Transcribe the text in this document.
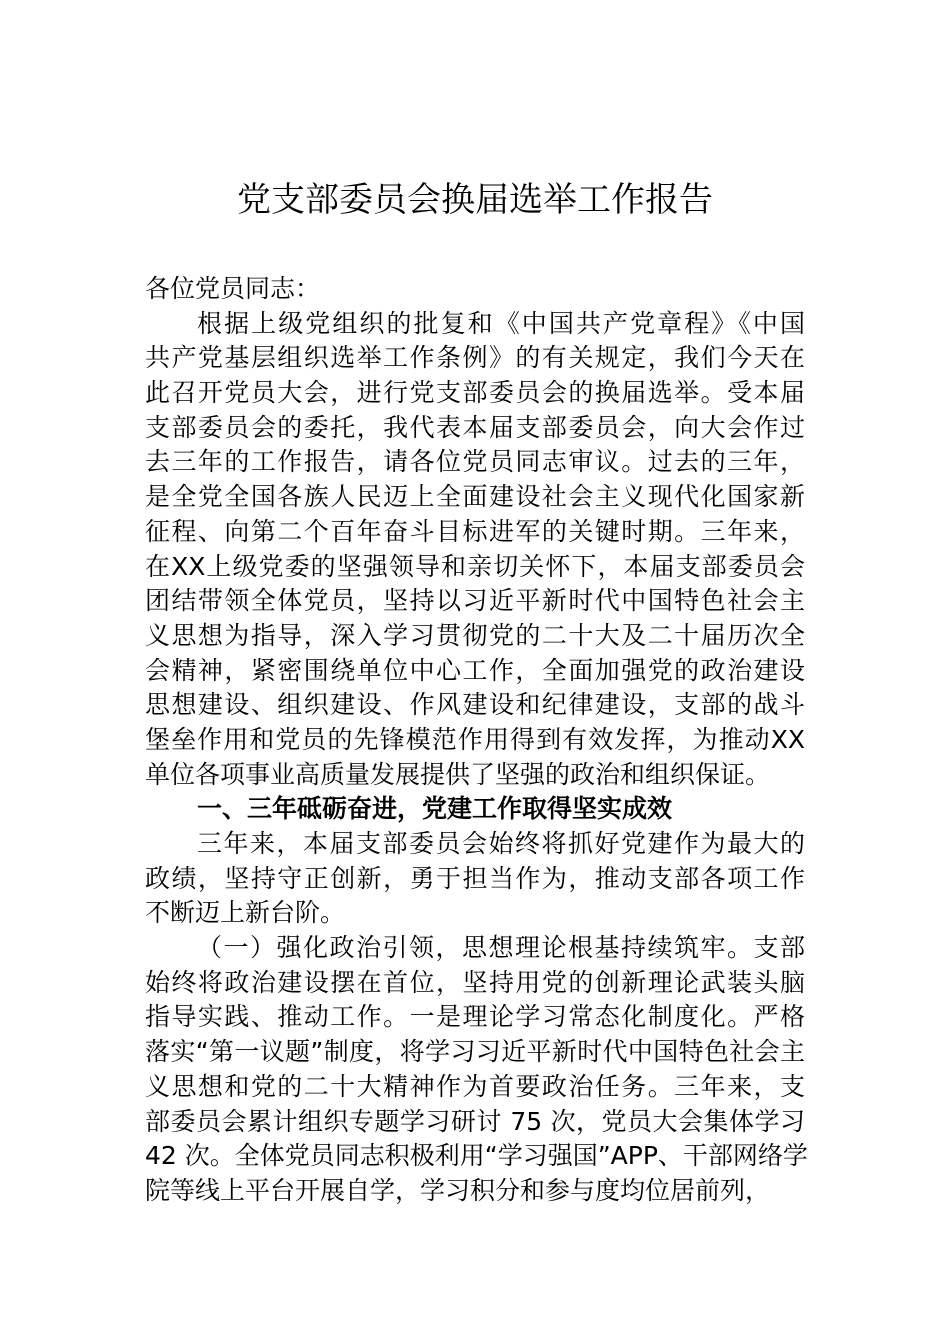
党支部委员会换届选举工作报告
各位党员同志：
根据上级党组织的批复和《中国共产党章程》《中国
共产党基层组织选举工作条例》的有关规定，我们今天在
此召开党员大会，进行党支部委员会的换届选举。受本届
支部委员会的委托，我代表本届支部委员会，向大会作过
去三年的工作报告，请各位党员同志审议。过去的三年，
是全党全国各族人民迈上全面建设社会主义现代化国家新
征程、向第二个百年奋斗目标进军的关键时期。三年来，
在XX上级党委的坚强领导和亲切关怀下，本届支部委员会
团结带领全体党员，坚持以习近平新时代中国特色社会主
义思想为指导，深入学习贯彻党的二十大及二十届历次全
会精神，紧密围绕单位中心工作，全面加强党的政治建设
思想建设、组织建设、作风建设和纪律建设，支部的战斗
堡垒作用和党员的先锋模范作用得到有效发挥，为推动XX
单位各项事业高质量发展提供了坚强的政治和组织保证。
一、三年砥砺奋进，党建工作取得坚实成效
三年来，本届支部委员会始终将抓好党建作为最大的
政绩，坚持守正创新，勇于担当作为，推动支部各项工作
不断迈上新台阶。
（一）强化政治引领，思想理论根基持续筑牢。支部
始终将政治建设摆在首位，坚持用党的创新理论武装头脑
指导实践、推动工作。一是理论学习常态化制度化。严格
落实“第一议题”制度，将学习习近平新时代中国特色社会主
义思想和党的二十大精神作为首要政治任务。三年来，支
部委员会累计组织专题学习研讨 75 次，党员大会集体学习
42 次。全体党员同志积极利用“学习强国”APP、干部网络学
院等线上平台开展自学，学习积分和参与度均位居前列，
